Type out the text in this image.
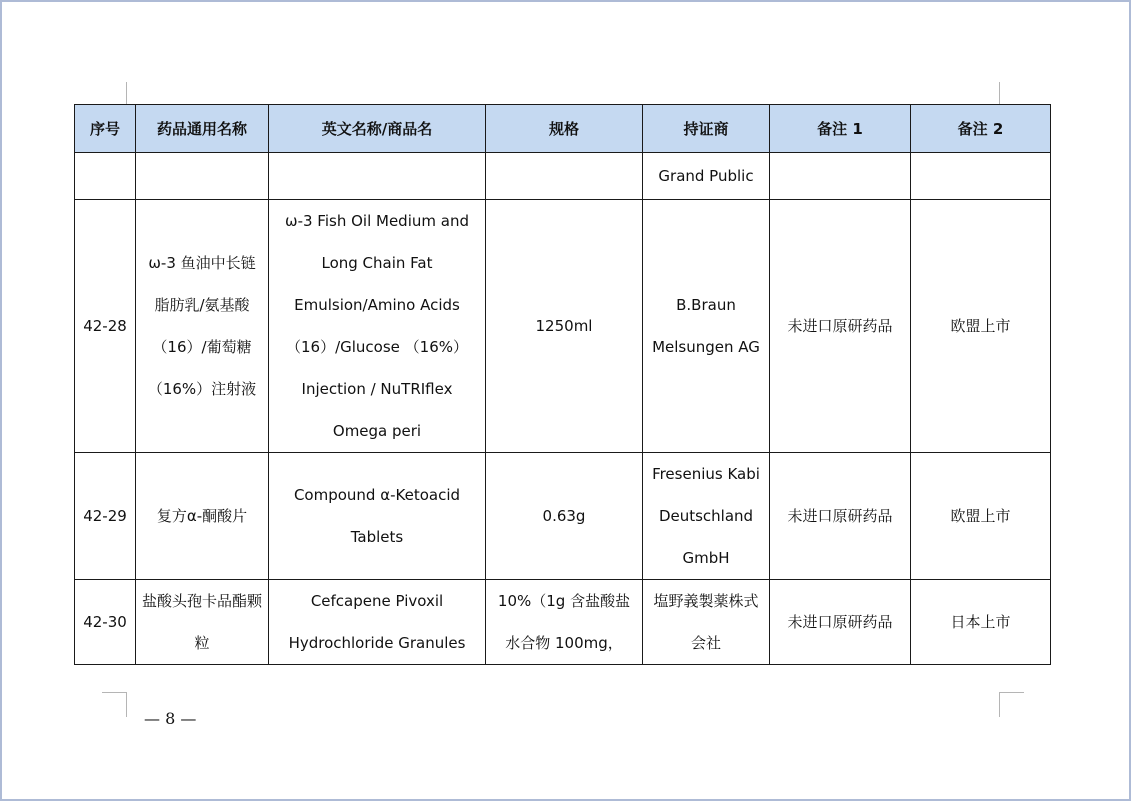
序号	药品通用名称	英文名称/商品名	规格	持证商	备注 1	备注 2
				Grand Public		
42-28	ω-3 鱼油中长链脂肪乳/氨基酸（16）/葡萄糖（16%）注射液	ω-3 Fish Oil Medium and Long Chain Fat Emulsion/Amino Acids（16）/Glucose （16%） Injection / NuTRIflex Omega peri	1250ml	B.Braun Melsungen AG	未进口原研药品	欧盟上市
42-29	复方α-酮酸片	Compound α-Ketoacid Tablets	0.63g	Fresenius Kabi Deutschland GmbH	未进口原研药品	欧盟上市
42-30	盐酸头孢卡品酯颗粒	Cefcapene Pivoxil Hydrochloride Granules	10%（1g 含盐酸盐水合物 100mg，	塩野義製薬株式会社	未进口原研药品	日本上市
— 8 —
